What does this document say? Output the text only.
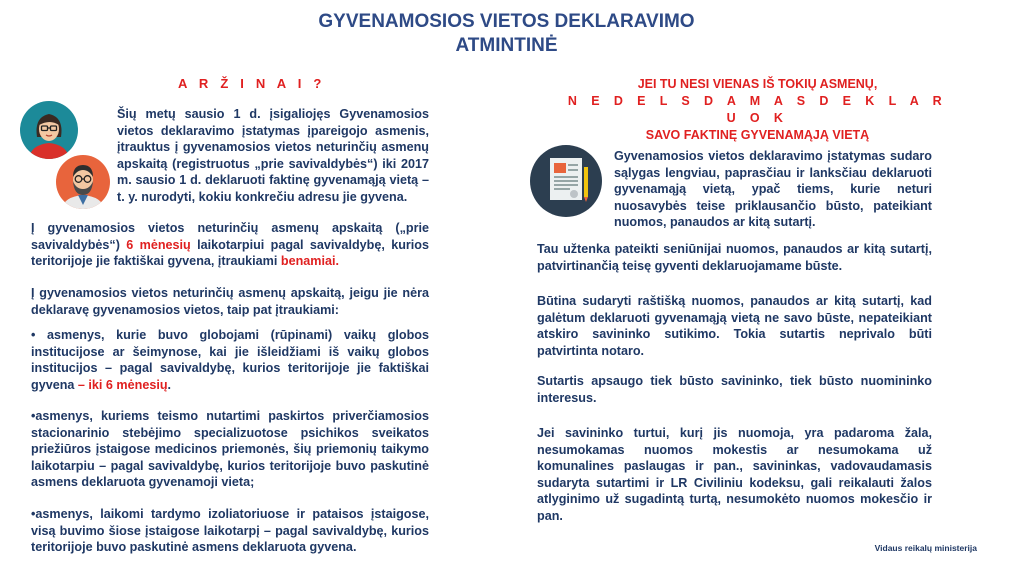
GYVENAMOSIOS VIETOS DEKLARAVIMO
ATMINTINĖ
A R Ž I N A I ?

Šių metų sausio 1 d. įsigaliojęs Gyvenamosios vietos deklaravimo įstatymas įpareigojo asmenis, įtrauktus į gyvenamosios vietos neturinčių asmenų apskaitą (registruotus „prie savivaldybės“) iki 2017 m. sausio 1 d. deklaruoti faktinę gyvenamąją vietą – t. y. nurodyti, kokiu konkrečiu adresu jie gyvena.

Į gyvenamosios vietos neturinčių asmenų apskaitą („prie savivaldybės“) 6 mėnesių laikotarpiui pagal savivaldybę, kurios teritorijoje jie faktiškai gyvena, įtraukiami benamiai.

Į gyvenamosios vietos neturinčių asmenų apskaitą, jeigu jie nėra deklaravę gyvenamosios vietos, taip pat įtraukiami:

• asmenys, kurie buvo globojami (rūpinami) vaikų globos institucijose ar šeimynose, kai jie išleidžiami iš vaikų globos institucijos – pagal savivaldybę, kurios teritorijoje jie faktiškai gyvena – iki 6 mėnesių.

•asmenys, kuriems teismo nutartimi paskirtos priverčiamosios stacionarinio stebėjimo specializuotose psichikos sveikatos priežiūros įstaigose medicinos priemonės, šių priemonių taikymo laikotarpiu – pagal savivaldybę, kurios teritorijoje buvo paskutinė asmens deklaruota gyvenamoji vieta;

•asmenys, laikomi tardymo izoliatoriuose ir pataisos įstaigose, visą buvimo šiose įstaigose laikotarpį – pagal savivaldybę, kurios teritorijoje buvo paskutinė asmens deklaruota gyvena.

JEI TU NESI VIENAS IŠ TOKIŲ ASMENŲ,
N E D E L S D A M A S D E K L A R U O K
SAVO FAKTINĘ GYVENAMĄJĄ VIETĄ

Gyvenamosios vietos deklaravimo įstatymas sudaro sąlygas lengviau, paprasčiau ir lanksčiau deklaruoti gyvenamąją vietą, ypač tiems, kurie neturi nuosavybės teise priklausančio būsto, pateikiant nuomos, panaudos ar kitą sutartį.

Tau užtenka pateikti seniūnijai nuomos, panaudos ar kitą sutartį, patvirtinančią teisę gyventi deklaruojamame būste.

Būtina sudaryti raštišką nuomos, panaudos ar kitą sutartį, kad galėtum deklaruoti gyvenamąją vietą ne savo būste, nepateikiant atskiro savininko sutikimo. Tokia sutartis neprivalo būti patvirtinta notaro.

Sutartis apsaugo tiek būsto savininko, tiek būsto nuomininko interesus.

Jei savininko turtui, kurį jis nuomoja, yra padaroma žala, nesumokamas nuomos mokestis ar nesumokama už komunalines paslaugas ir pan., savininkas, vadovaudamasis sudaryta sutartimi ir LR Civiliniu kodeksu, gali reikalauti žalos atlyginimo už sugadintą turtą, nesumokėto nuomos mokesčio ir pan.

Vidaus reikalų ministerija
